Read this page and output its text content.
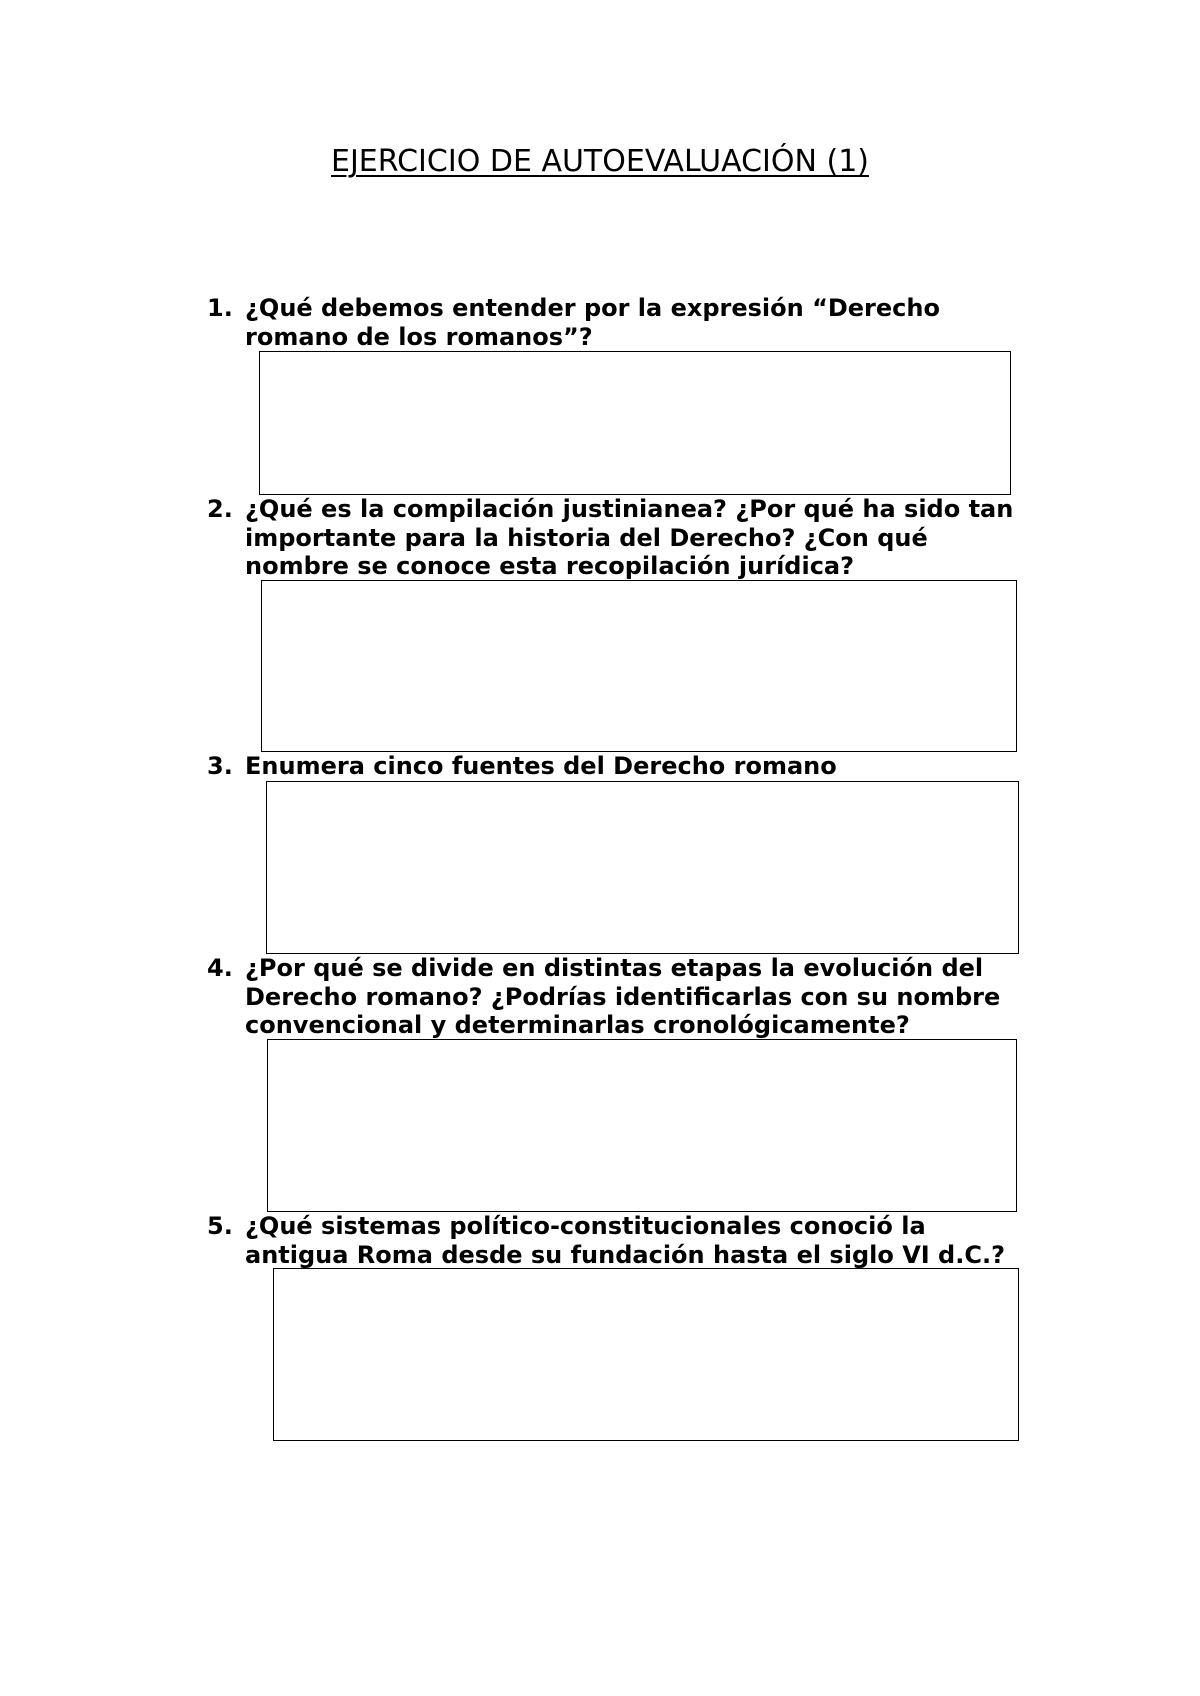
EJERCICIO DE AUTOEVALUACIÓN (1)
1. ¿Qué debemos entender por la expresión “Derecho romano de los romanos”?
2. ¿Qué es la compilación justinianea? ¿Por qué ha sido tan importante para la historia del Derecho? ¿Con qué nombre se conoce esta recopilación jurídica?
3. Enumera cinco fuentes del Derecho romano
4. ¿Por qué se divide en distintas etapas la evolución del Derecho romano? ¿Podrías identificarlas con su nombre convencional y determinarlas cronológicamente?
5. ¿Qué sistemas político-constitucionales conoció la antigua Roma desde su fundación hasta el siglo VI d.C.?
